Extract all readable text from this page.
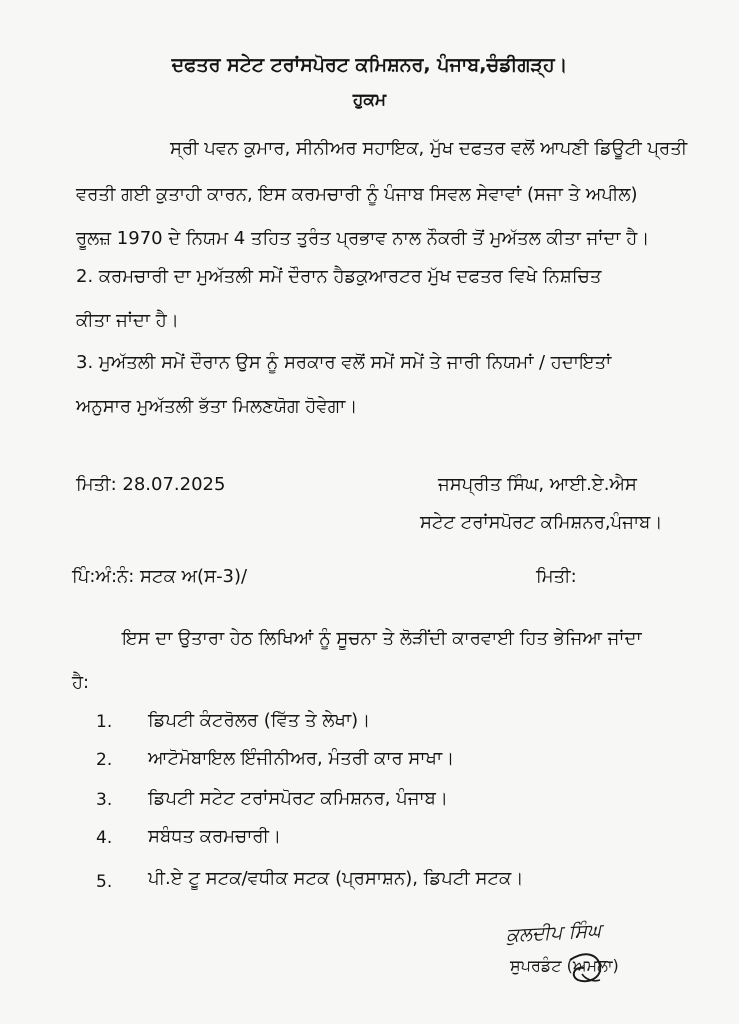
ਦਫਤਰ ਸਟੇਟ ਟਰਾਂਸਪੋਰਟ ਕਮਿਸ਼ਨਰ, ਪੰਜਾਬ,ਚੰਡੀਗੜ੍ਹ।
ਹੁਕਮ
ਸ੍ਰੀ ਪਵਨ ਕੁਮਾਰ, ਸੀਨੀਅਰ ਸਹਾਇਕ, ਮੁੱਖ ਦਫਤਰ ਵਲੋਂ ਆਪਣੀ ਡਿਊਟੀ ਪ੍ਰਤੀ
ਵਰਤੀ ਗਈ ਕੁਤਾਹੀ ਕਾਰਨ, ਇਸ ਕਰਮਚਾਰੀ ਨੂੰ ਪੰਜਾਬ ਸਿਵਲ ਸੇਵਾਵਾਂ (ਸਜਾ ਤੇ ਅਪੀਲ)
ਰੂਲਜ਼ 1970 ਦੇ ਨਿਯਮ 4 ਤਹਿਤ ਤੁਰੰਤ ਪ੍ਰਭਾਵ ਨਾਲ ਨੌਕਰੀ ਤੋਂ ਮੁਅੱਤਲ ਕੀਤਾ ਜਾਂਦਾ ਹੈ।
2. ਕਰਮਚਾਰੀ ਦਾ ਮੁਅੱਤਲੀ ਸਮੇਂ ਦੌਰਾਨ ਹੈਡਕੁਆਰਟਰ ਮੁੱਖ ਦਫਤਰ ਵਿਖੇ ਨਿਸ਼ਚਿਤ
ਕੀਤਾ ਜਾਂਦਾ ਹੈ।
3. ਮੁਅੱਤਲੀ ਸਮੇਂ ਦੌਰਾਨ ਉਸ ਨੂੰ ਸਰਕਾਰ ਵਲੋਂ ਸਮੇਂ ਸਮੇਂ ਤੇ ਜਾਰੀ ਨਿਯਮਾਂ / ਹਦਾਇਤਾਂ
ਅਨੁਸਾਰ ਮੁਅੱਤਲੀ ਭੱਤਾ ਮਿਲਣਯੋਗ ਹੋਵੇਗਾ।
ਮਿਤੀ: 28.07.2025	ਜਸਪ੍ਰੀਤ ਸਿੰਘ, ਆਈ.ਏ.ਐਸ
ਸਟੇਟ ਟਰਾਂਸਪੋਰਟ ਕਮਿਸ਼ਨਰ,ਪੰਜਾਬ।
ਪਿੰ:ਅੰ:ਨੰ: ਸਟਕ ਅ(ਸ-3)/	ਮਿਤੀ:
ਇਸ ਦਾ ਉਤਾਰਾ ਹੇਠ ਲਿਖਿਆਂ ਨੂੰ ਸੂਚਨਾ ਤੇ ਲੋੜੀਂਦੀ ਕਾਰਵਾਈ ਹਿਤ ਭੇਜਿਆ ਜਾਂਦਾ
ਹੈ:
1. ਡਿਪਟੀ ਕੰਟਰੋਲਰ (ਵਿੱਤ ਤੇ ਲੇਖਾ)।
2. ਆਟੋਮੋਬਾਇਲ ਇੰਜੀਨੀਅਰ, ਮੰਤਰੀ ਕਾਰ ਸਾਖਾ।
3. ਡਿਪਟੀ ਸਟੇਟ ਟਰਾਂਸਪੋਰਟ ਕਮਿਸ਼ਨਰ, ਪੰਜਾਬ।
4. ਸਬੰਧਤ ਕਰਮਚਾਰੀ।
5. ਪੀ.ਏ ਟੂ ਸਟਕ/ਵਧੀਕ ਸਟਕ (ਪ੍ਰਸਾਸ਼ਨ), ਡਿਪਟੀ ਸਟਕ।
ਕੁਲਦੀਪ ਸਿੰਘ
ਸੁਪਰਡੰਟ (ਅਮਲਾ)
